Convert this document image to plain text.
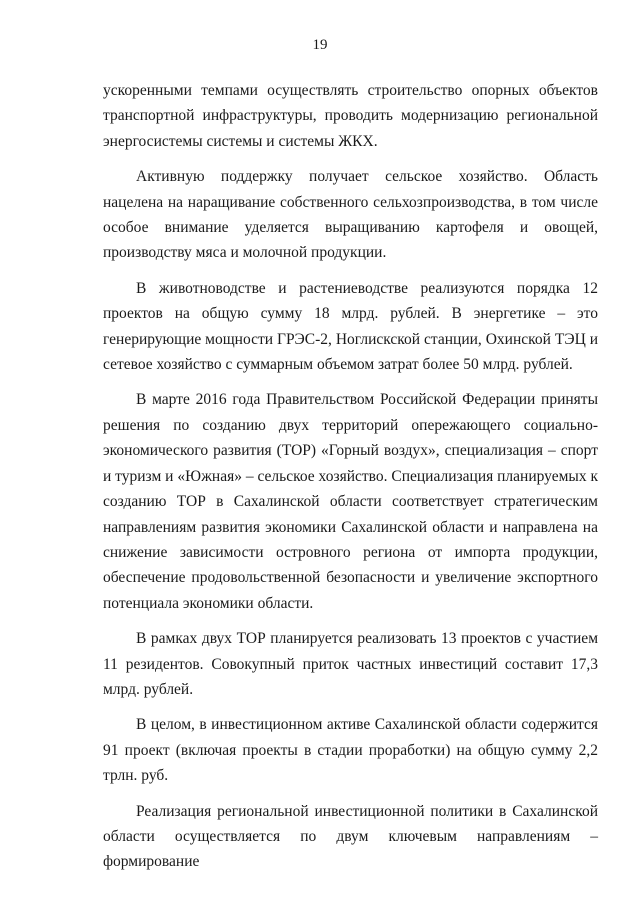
19

ускоренными темпами осуществлять строительство опорных объектов транспортной инфраструктуры, проводить модернизацию региональной энергосистемы системы и системы ЖКХ.

Активную поддержку получает сельское хозяйство. Область нацелена на наращивание собственного сельхозпроизводства, в том числе особое внимание уделяется выращиванию картофеля и овощей, производству мяса и молочной продукции.

В животноводстве и растениеводстве реализуются порядка 12 проектов на общую сумму 18 млрд. рублей. В энергетике – это генерирующие мощности ГРЭС-2, Ноглискской станции, Охинской ТЭЦ и сетевое хозяйство с суммарным объемом затрат более 50 млрд. рублей.

В марте 2016 года Правительством Российской Федерации приняты решения по созданию двух территорий опережающего социально-экономического развития (ТОР) «Горный воздух», специализация – спорт и туризм и «Южная» – сельское хозяйство. Специализация планируемых к созданию ТОР в Сахалинской области соответствует стратегическим направлениям развития экономики Сахалинской области и направлена на снижение зависимости островного региона от импорта продукции, обеспечение продовольственной безопасности и увеличение экспортного потенциала экономики области.

В рамках двух ТОР планируется реализовать 13 проектов с участием 11 резидентов. Совокупный приток частных инвестиций составит 17,3 млрд. рублей.

В целом, в инвестиционном активе Сахалинской области содержится 91 проект (включая проекты в стадии проработки) на общую сумму 2,2 трлн. руб.

Реализация региональной инвестиционной политики в Сахалинской области осуществляется по двум ключевым направлениям – формирование
